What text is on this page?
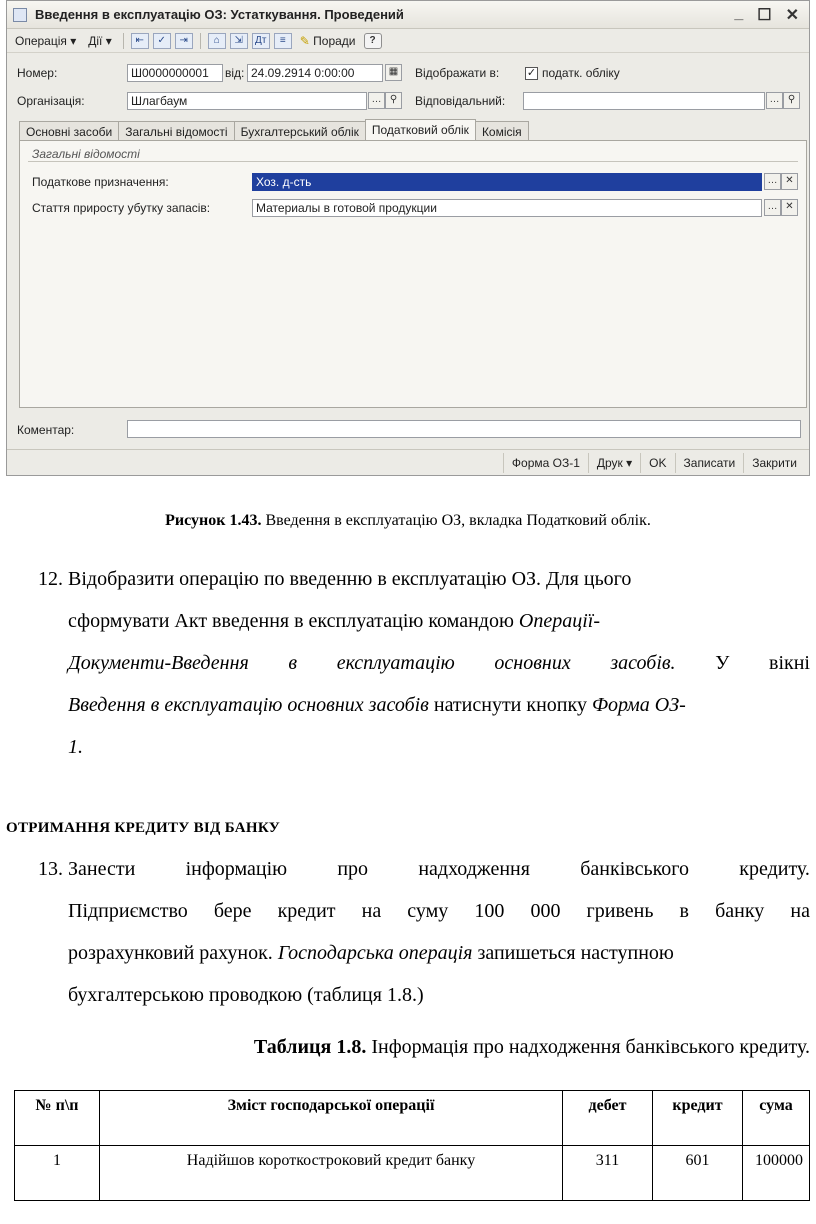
Введення в експлуатацію ОЗ: Устаткування. Проведений	_ ☐ ✕
Операція ▾	Дії ▾	⇤	✓	⇥	⌂	⇲	Дт	≡	✎ Поради	?
Номер:	Ш0000000001	від: 24.09.2914 0:00:00	▦	Відображати в:	✓ податк. обліку
Організація:	Шлагбаум	… ⚲	Відповідальний:	… ⚲
Основні засоби	Загальні відомості	Бухгалтерський облік	Податковий облік	Комісія
Загальні відомості
Податкове призначення:	Хоз. д-сть	… ✕
Стаття приросту убутку запасів:	Материалы в готовой продукции	… ✕
Коментар:
Форма ОЗ-1	Друк ▾	OK	Записати	Закрити
Рисунок 1.43. Введення в експлуатацію ОЗ, вкладка Податковий облік.
12. Відобразити операцію по введенню в експлуатацію ОЗ. Для цього
сформувати Акт введення в експлуатацію командою Операції-
Документи-Введення в експлуатацію основних засобів. У вікні
Введення в експлуатацію основних засобів натиснути кнопку Форма ОЗ-
1.
ОТРИМАННЯ КРЕДИТУ ВІД БАНКУ
13. Занести	інформацію	про	надходження	банківського	кредиту.
Підприємство бере кредит на суму 100 000 гривень в банку на
розрахунковий рахунок. Господарська операція запишеться наступною
бухгалтерською проводкою (таблиця 1.8.)
Таблиця 1.8. Інформація про надходження банківського кредиту.
№ п\п	Зміст господарської операції	дебет	кредит	сума
1	Надійшов короткостроковий кредит банку	311	601	100000
